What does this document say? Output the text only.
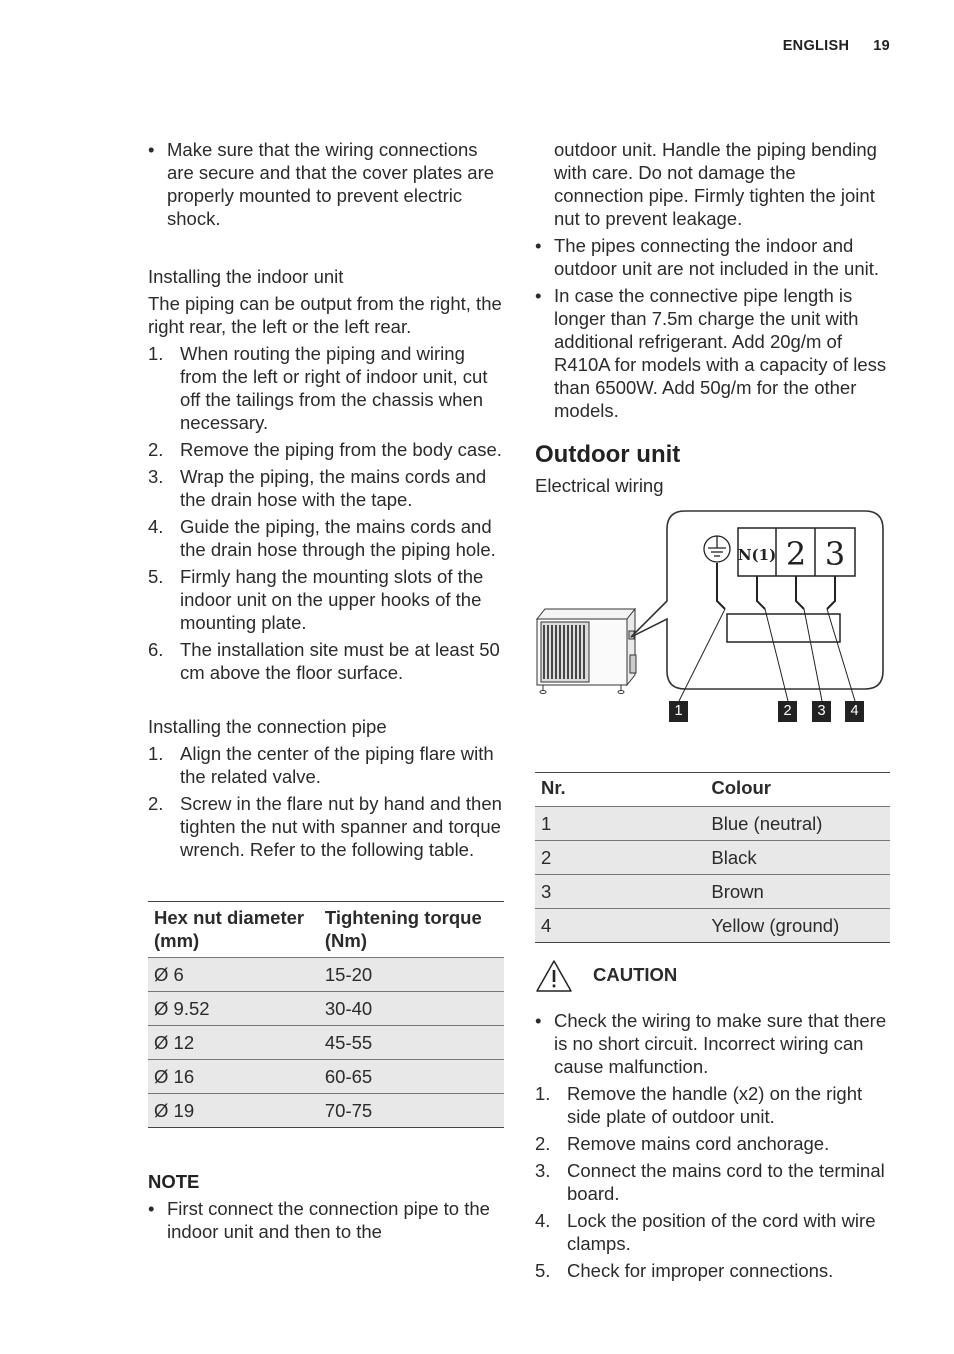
ENGLISH 19

• Make sure that the wiring connections are secure and that the cover plates are properly mounted to prevent electric shock.

Installing the indoor unit

The piping can be output from the right, the right rear, the left or the left rear.

1. When routing the piping and wiring from the left or right of indoor unit, cut off the tailings from the chassis when necessary.
2. Remove the piping from the body case.
3. Wrap the piping, the mains cords and the drain hose with the tape.
4. Guide the piping, the mains cords and the drain hose through the piping hole.
5. Firmly hang the mounting slots of the indoor unit on the upper hooks of the mounting plate.
6. The installation site must be at least 50 cm above the floor surface.

Installing the connection pipe

1. Align the center of the piping flare with the related valve.
2. Screw in the flare nut by hand and then tighten the nut with spanner and torque wrench. Refer to the following table.
Hex nut diameter (mm)	Tightening torque (Nm)
Ø 6	15-20
Ø 9.52	30-40
Ø 12	45-55
Ø 16	60-65
Ø 19	70-75

NOTE

• First connect the connection pipe to the indoor unit and then to the

outdoor unit. Handle the piping bending with care. Do not damage the connection pipe. Firmly tighten the joint nut to prevent leakage.

• The pipes connecting the indoor and outdoor unit are not included in the unit.

• In case the connective pipe length is longer than 7.5m charge the unit with additional refrigerant. Add 20g/m of R410A for models with a capacity of less than 6500W. Add 50g/m for the other models.

Outdoor unit

Electrical wiring

N(1) 2 3
1	2	3	4
Nr.	Colour
1	Blue (neutral)
2	Black
3	Brown
4	Yellow (ground)
CAUTION

• Check the wiring to make sure that there is no short circuit. Incorrect wiring can cause malfunction.

1. Remove the handle (x2) on the right side plate of outdoor unit.
2. Remove mains cord anchorage.
3. Connect the mains cord to the terminal board.
4. Lock the position of the cord with wire clamps.
5. Check for improper connections.
